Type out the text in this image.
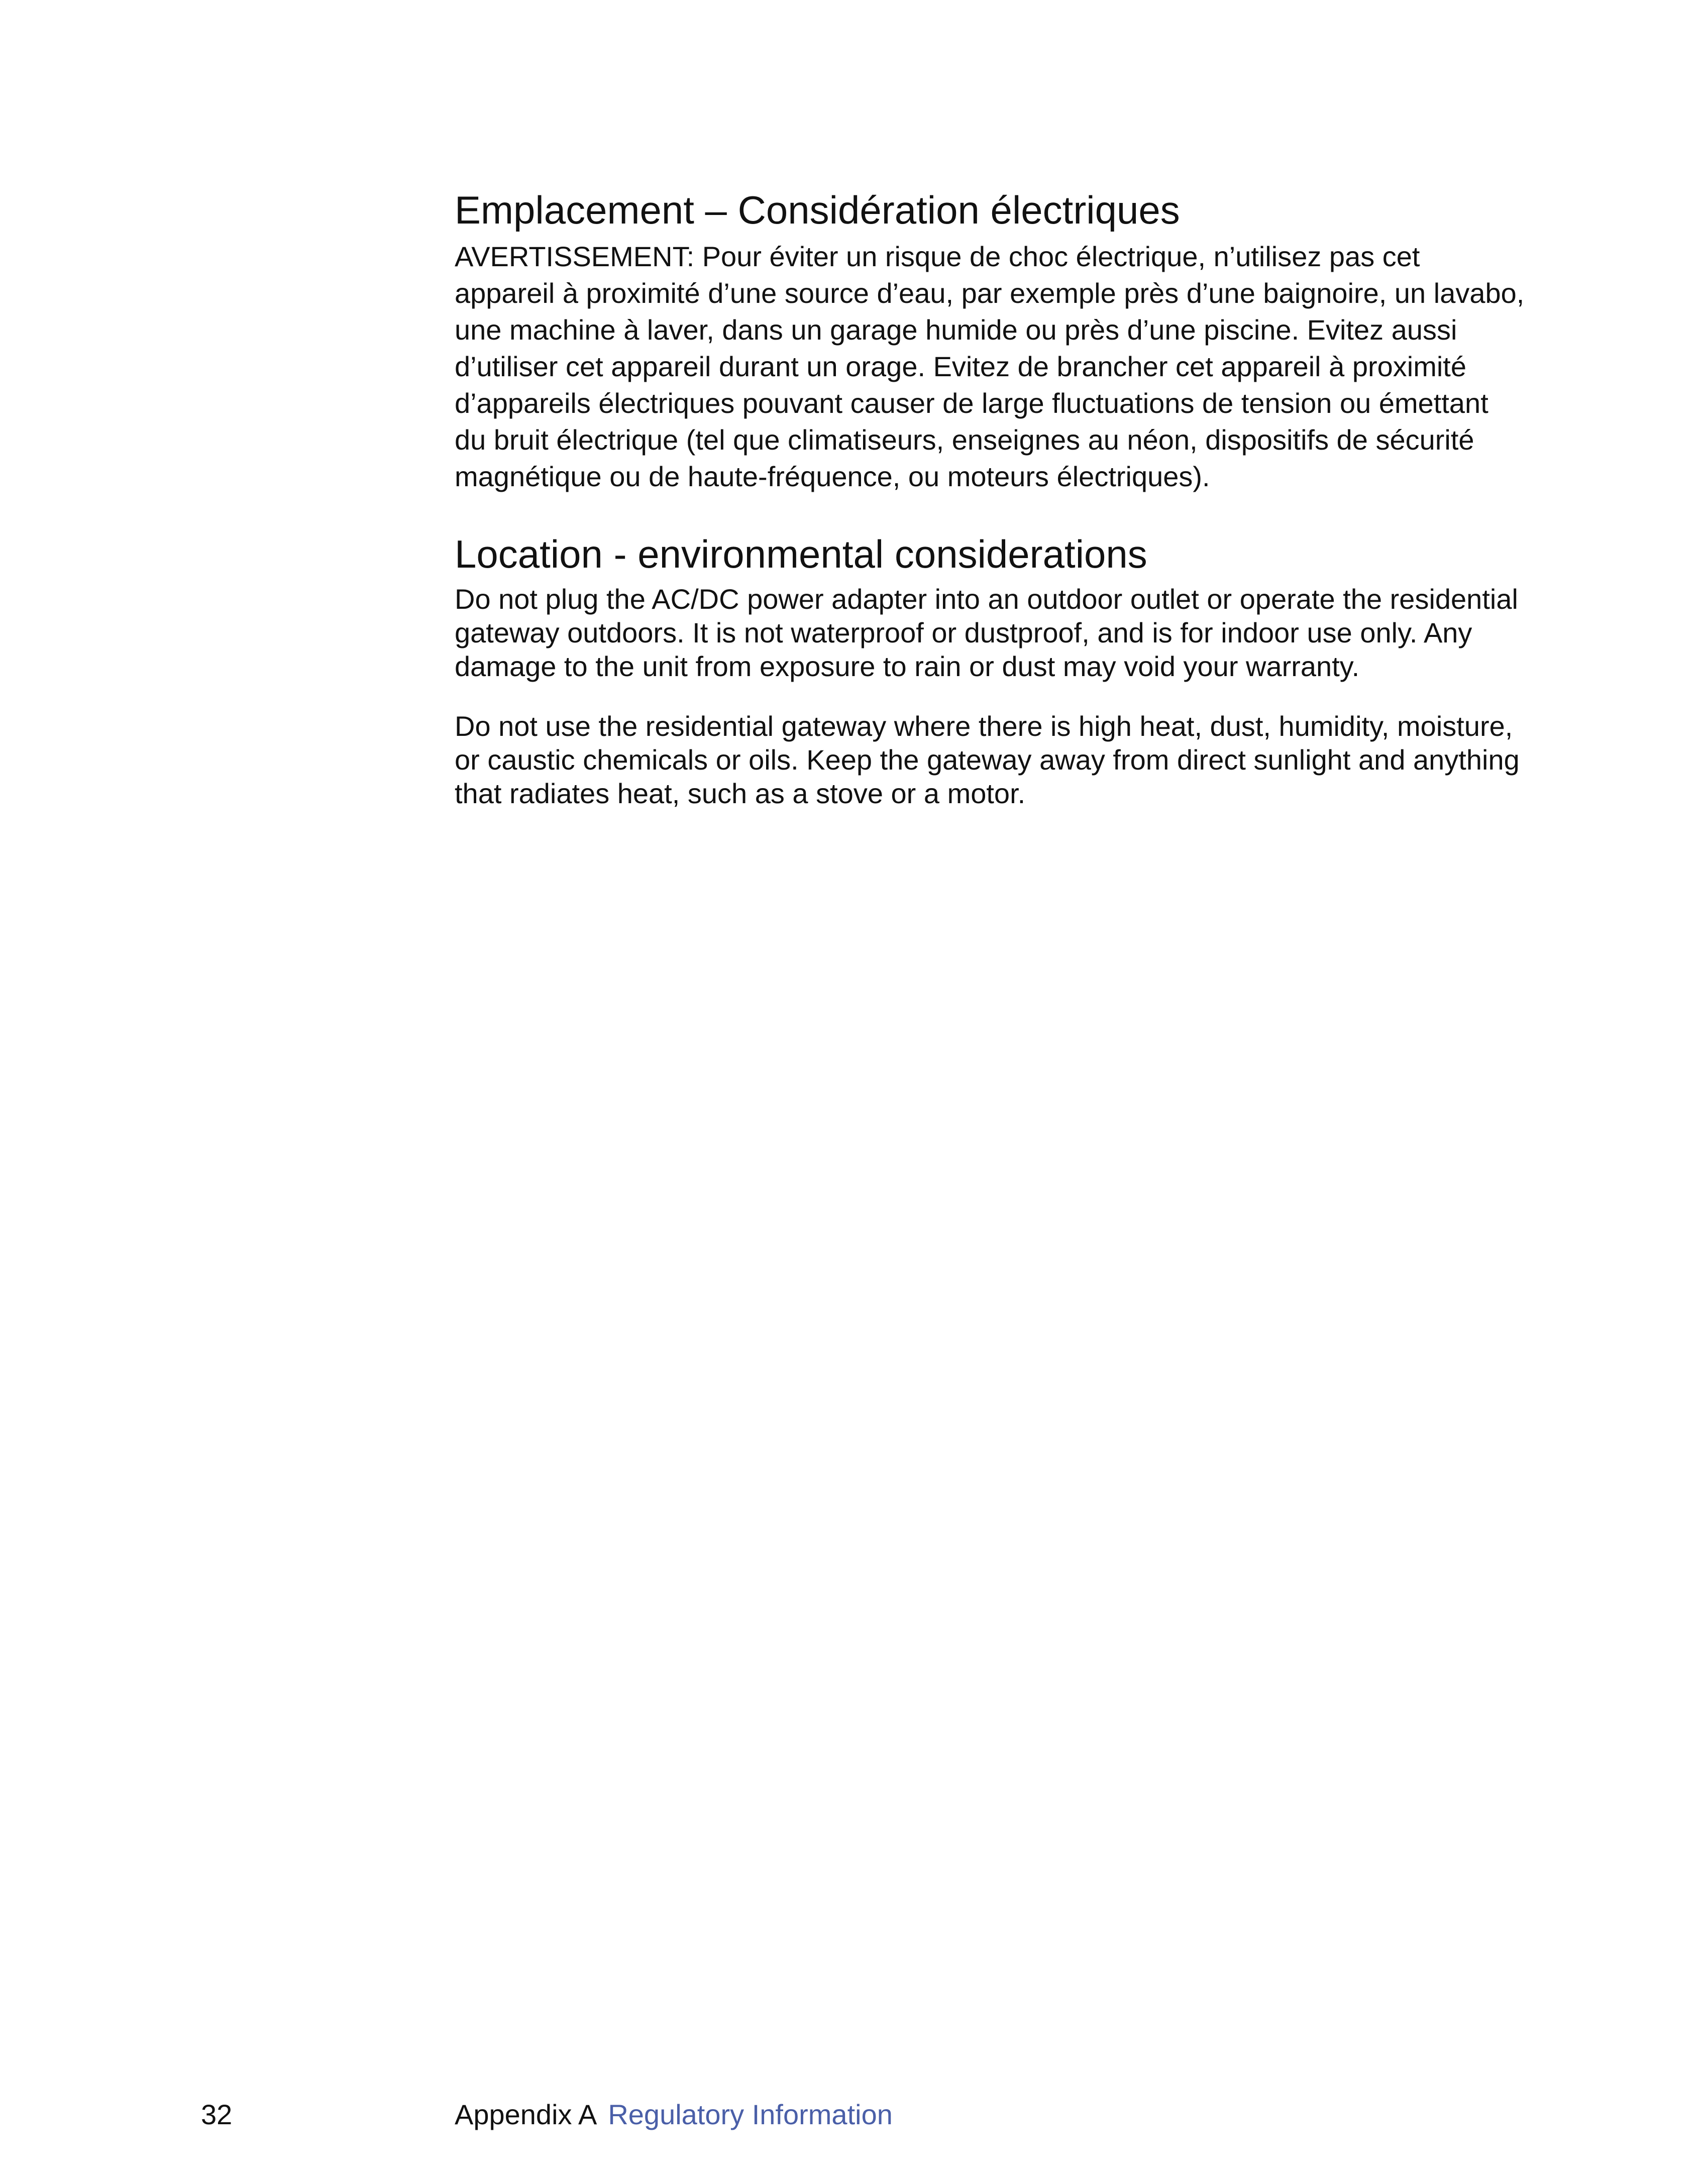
Emplacement – Considération électriques

AVERTISSEMENT: Pour éviter un risque de choc électrique, n’utilisez pas cet appareil à proximité d’une source d’eau, par exemple près d’une baignoire, un lavabo, une machine à laver, dans un garage humide ou près d’une piscine. Evitez aussi d’utiliser cet appareil durant un orage. Evitez de brancher cet appareil à proximité d’appareils électriques pouvant causer de large fluctuations de tension ou émettant du bruit électrique (tel que climatiseurs, enseignes au néon, dispositifs de sécurité magnétique ou de haute-fréquence, ou moteurs électriques).

Location - environmental considerations

Do not plug the AC/DC power adapter into an outdoor outlet or operate the residential gateway outdoors. It is not waterproof or dustproof, and is for indoor use only. Any damage to the unit from exposure to rain or dust may void your warranty.

Do not use the residential gateway where there is high heat, dust, humidity, moisture, or caustic chemicals or oils. Keep the gateway away from direct sunlight and anything that radiates heat, such as a stove or a motor.

32	Appendix A Regulatory Information
